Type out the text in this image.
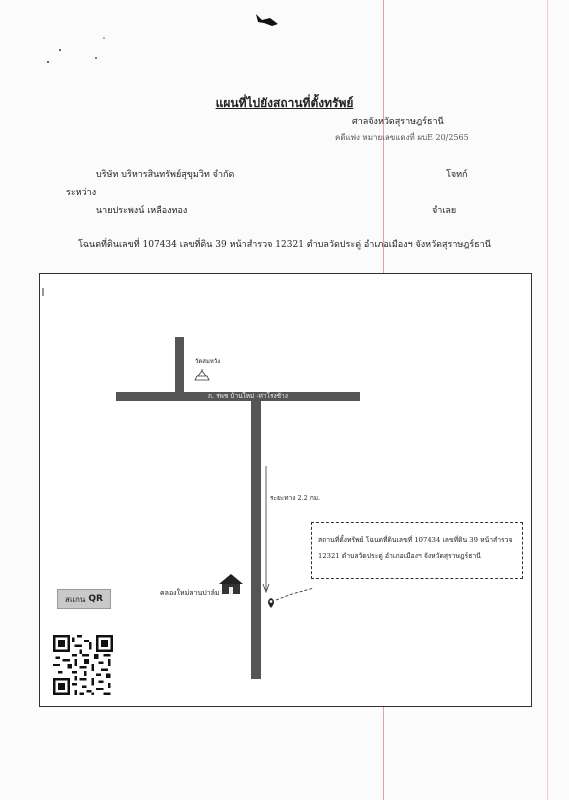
แผนที่ไปยังสถานที่ตั้งทรัพย์
ศาลจังหวัดสุราษฎร์ธานี
คดีแพ่ง หมายเลขแดงที่ ผบE 20/2565
บริษัท บริหารสินทรัพย์สุขุมวิท จำกัด	โจทก์
ระหว่าง
นายประพงน์ เหลืองทอง	จำเลย
โฉนดที่ดินเลขที่ 107434 เลขที่ดิน 39 หน้าสำรวจ 12321 ตำบลวัดประดู่ อำเภอเมืองฯ จังหวัดสุราษฎร์ธานี
ถ. รพช บ้านใหม่ -ท่าโรงช้าง
วัดสมหวัง
ระยะทาง 2.2 กม.
สถานที่ตั้งทรัพย์ โฉนดที่ดินเลขที่ 107434 เลขที่ดิน 39 หน้าสำรวจ
12321 ตำบลวัดประดู่ อำเภอเมืองฯ จังหวัดสุราษฎร์ธานี
คลองใหม่ลานปาล์ม
สแกน QR
